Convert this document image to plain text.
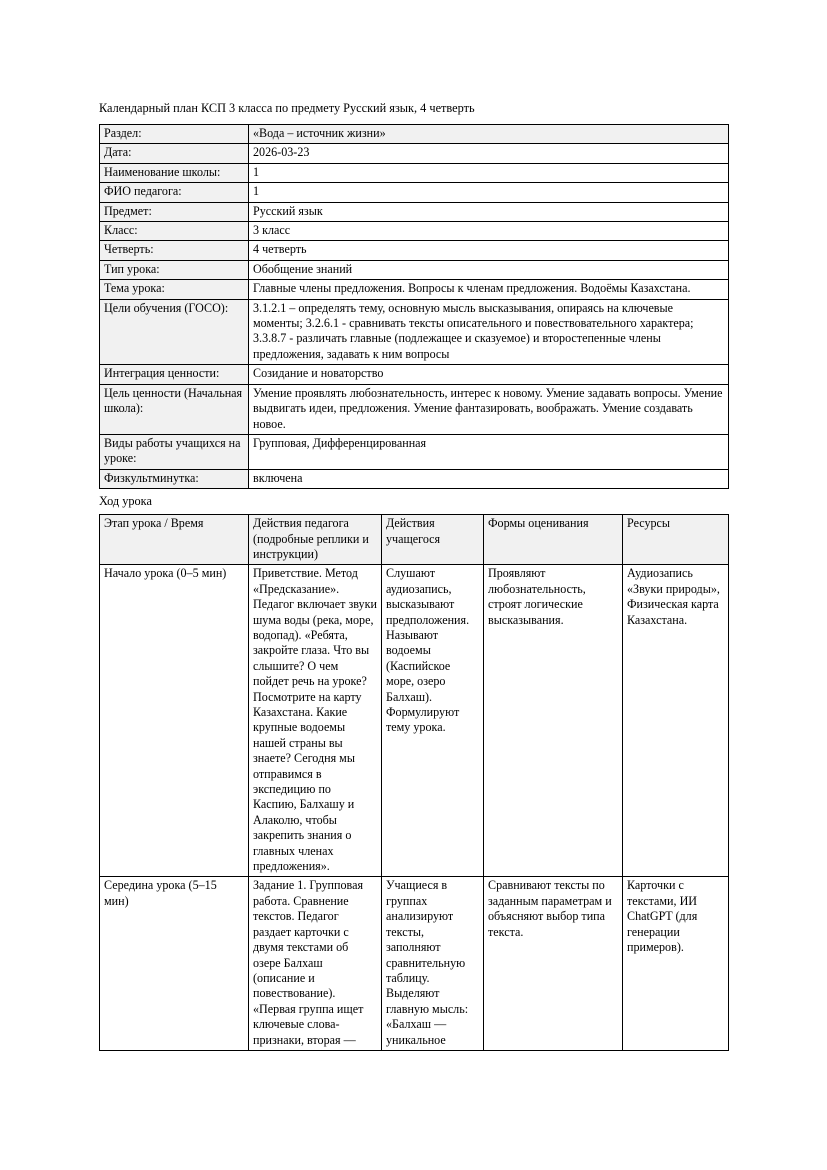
Календарный план КСП 3 класса по предмету Русский язык, 4 четверть

Раздел:	«Вода – источник жизни»
Дата:	2026-03-23
Наименование школы:	1
ФИО педагога:	1
Предмет:	Русский язык
Класс:	3 класс
Четверть:	4 четверть
Тип урока:	Обобщение знаний
Тема урока:	Главные члены предложения. Вопросы к членам предложения. Водоёмы Казахстана.
Цели обучения (ГОСО):	3.1.2.1 – определять тему, основную мысль высказывания, опираясь на ключевые моменты; 3.2.6.1 - сравнивать тексты описательного и повествовательного характера; 3.3.8.7 - различать главные (подлежащее и сказуемое) и второстепенные члены предложения, задавать к ним вопросы
Интеграция ценности:	Созидание и новаторство
Цель ценности (Начальная школа):	Умение проявлять любознательность, интерес к новому. Умение задавать вопросы. Умение выдвигать идеи, предложения. Умение фантазировать, воображать. Умение создавать новое.
Виды работы учащихся на уроке:	Групповая, Дифференцированная
Физкультминутка:	включена

Ход урока

Этап урока / Время	Действия педагога (подробные реплики и инструкции)	Действия учащегося	Формы оценивания	Ресурсы
Начало урока (0–5 мин)	Приветствие. Метод «Предсказание». Педагог включает звуки шума воды (река, море, водопад). «Ребята, закройте глаза. Что вы слышите? О чем пойдет речь на уроке? Посмотрите на карту Казахстана. Какие крупные водоемы нашей страны вы знаете? Сегодня мы отправимся в экспедицию по Каспию, Балхашу и Алаколю, чтобы закрепить знания о главных членах предложения».	Слушают аудиозапись, высказывают предположения. Называют водоемы (Каспийское море, озеро Балхаш). Формулируют тему урока.	Проявляют любознательность, строят логические высказывания.	Аудиозапись «Звуки природы», Физическая карта Казахстана.
Середина урока (5–15 мин)	Задание 1. Групповая работа. Сравнение текстов. Педагог раздает карточки с двумя текстами об озере Балхаш (описание и повествование). «Первая группа ищет ключевые слова-признаки, вторая —	Учащиеся в группах анализируют тексты, заполняют сравнительную таблицу. Выделяют главную мысль: «Балхаш — уникальное	Сравнивают тексты по заданным параметрам и объясняют выбор типа текста.	Карточки с текстами, ИИ ChatGPT (для генерации примеров).
